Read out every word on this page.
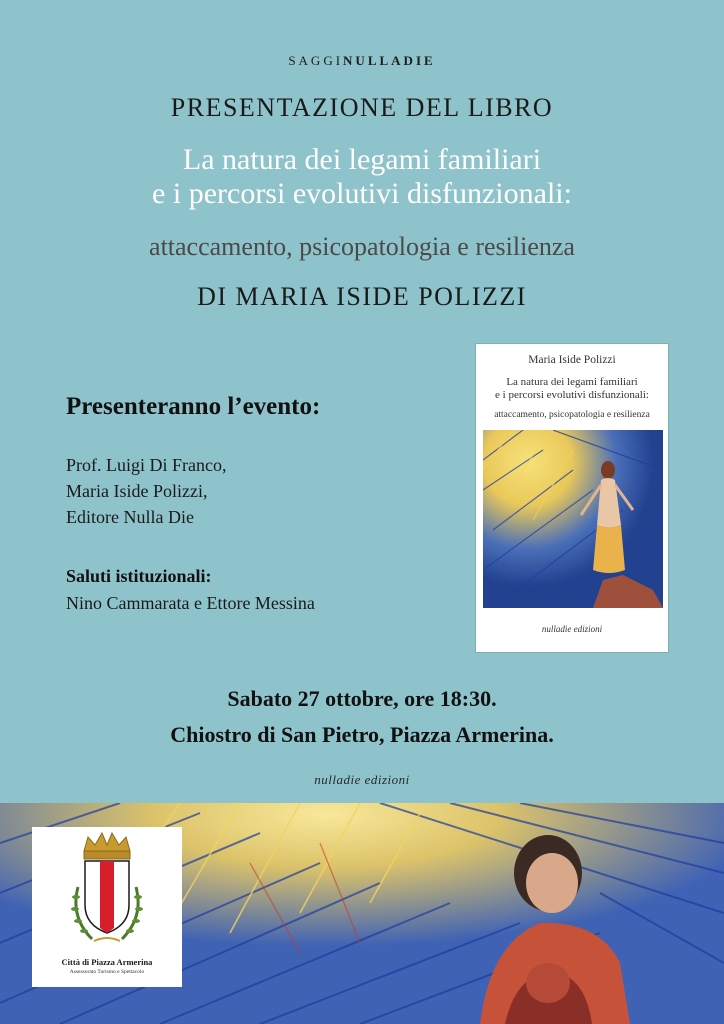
SAGGINULLADIE
PRESENTAZIONE DEL LIBRO
La natura dei legami familiari
e i percorsi evolutivi disfunzionali:
attaccamento, psicopatologia e resilienza
DI MARIA ISIDE POLIZZI
Presenteranno l’evento:
Prof. Luigi Di Franco,
Maria Iside Polizzi,
Editore Nulla Die
Saluti istituzionali:
Nino Cammarata e Ettore Messina
Maria Iside Polizzi
La natura dei legami familiari
e i percorsi evolutivi disfunzionali:
attaccamento, psicopatologia e resilienza
nulladie edizioni
Sabato 27 ottobre, ore 18:30.
Chiostro di San Pietro, Piazza Armerina.
nulladie edizioni
Città di Piazza Armerina
Assessorato Turismo e Spettacolo
